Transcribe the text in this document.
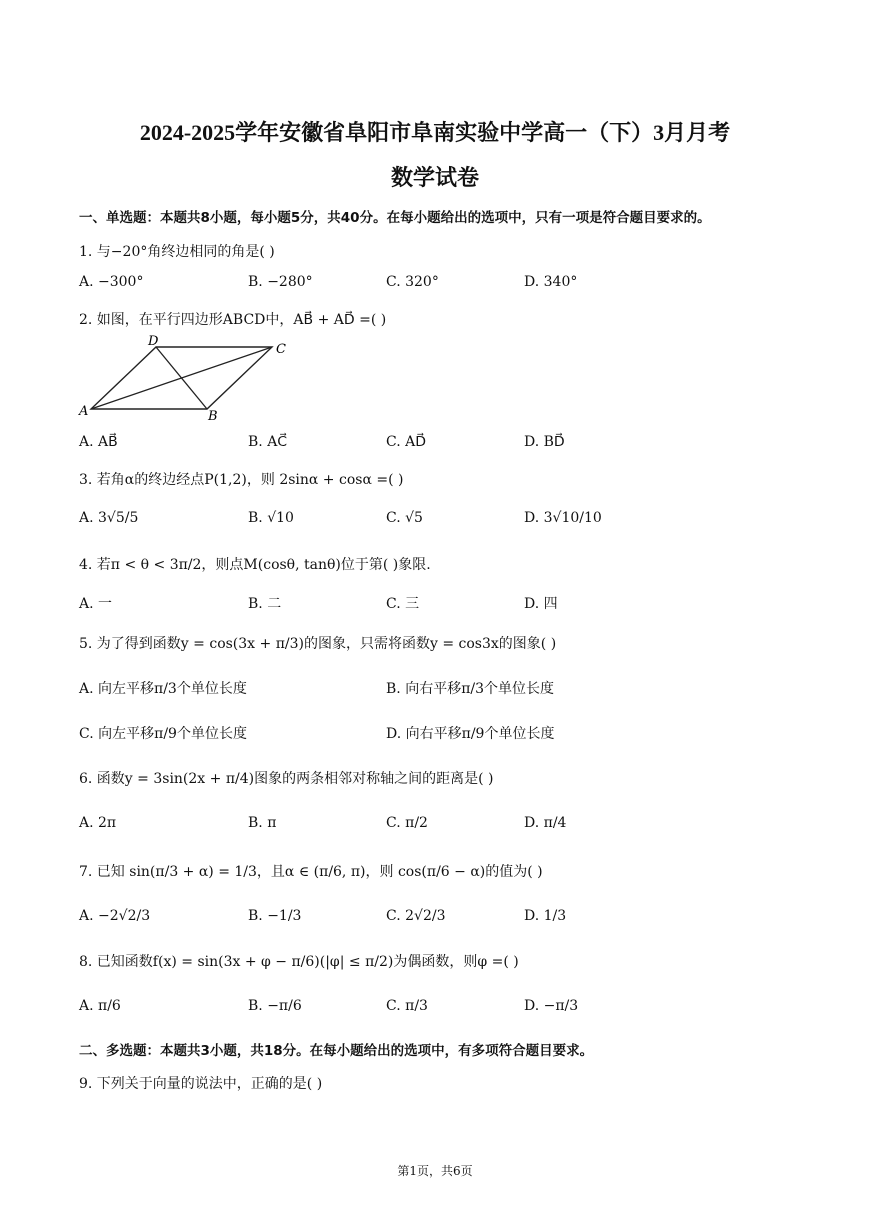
2024-2025学年安徽省阜阳市阜南实验中学高一（下）3月月考
数学试卷
一、单选题：本题共8小题，每小题5分，共40分。在每小题给出的选项中，只有一项是符合题目要求的。
1. 与−20°角终边相同的角是( )
A. −300°	B. −280°	C. 320°	D. 340°
2. 如图，在平行四边形ABCD中，AB⃗ + AD⃗ =( )
A	B
C
D
A. AB⃗	B. AC⃗	C. AD⃗	D. BD⃗
3. 若角α的终边经点P(1,2)，则 2sinα + cosα =( )
A. 3√5/5	B. √10	C. √5	D. 3√10/10
4. 若π < θ < 3π/2，则点M(cosθ, tanθ)位于第( )象限.
A. 一	B. 二	C. 三	D. 四
5. 为了得到函数y = cos(3x + π/3)的图象，只需将函数y = cos3x的图象( )
A. 向左平移π/3个单位长度	B. 向右平移π/3个单位长度
C. 向左平移π/9个单位长度	D. 向右平移π/9个单位长度
6. 函数y = 3sin(2x + π/4)图象的两条相邻对称轴之间的距离是( )
A. 2π	B. π	C. π/2	D. π/4
7. 已知 sin(π/3 + α) = 1/3，且α ∈ (π/6, π)，则 cos(π/6 − α)的值为( )
A. −2√2/3	B. −1/3	C. 2√2/3	D. 1/3
8. 已知函数f(x) = sin(3x + φ − π/6)(|φ| ≤ π/2)为偶函数，则φ =( )
A. π/6	B. −π/6	C. π/3	D. −π/3
二、多选题：本题共3小题，共18分。在每小题给出的选项中，有多项符合题目要求。
9. 下列关于向量的说法中，正确的是( )
第1页，共6页
